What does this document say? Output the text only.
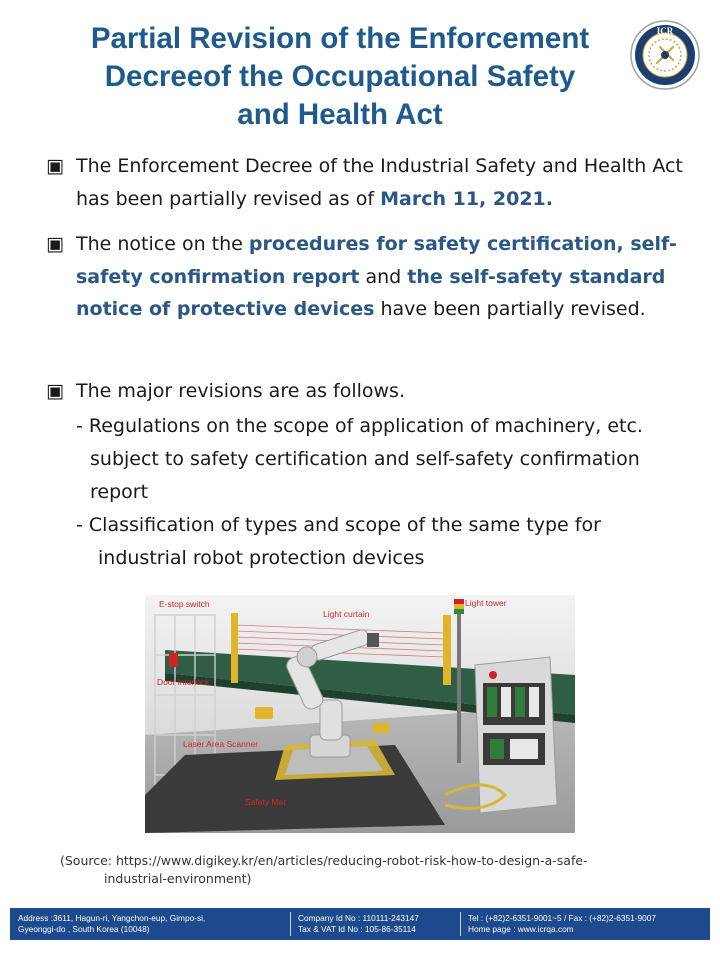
Partial Revision of the Enforcement
Decreeof the Occupational Safety
and Health Act
ICR
▣ The Enforcement Decree of the Industrial Safety and Health Act has been partially revised as of March 11, 2021.
▣ The notice on the procedures for safety certification, self-safety confirmation report and the self-safety standard notice of protective devices have been partially revised.
▣ The major revisions are as follows.
- Regulations on the scope of application of machinery, etc.
subject to safety certification and self-safety confirmation
report
- Classification of types and scope of the same type for
industrial robot protection devices
E-stop switch
Light curtain
Light tower
Door interlock
Laser Area Scanner
Safety Mat
(Source: https://www.digikey.kr/en/articles/reducing-robot-risk-how-to-design-a-safe-
industrial-environment)
Address :3611, Hagun-ri, Yangchon-eup, Gimpo-si,
Gyeonggi-do , South Korea (10048)
Company Id No : 110111-243147
Tax & VAT Id No : 105-86-35114
Tel : (+82)2-6351-9001~5 / Fax : (+82)2-6351-9007
Home page : www.icrqa.com
